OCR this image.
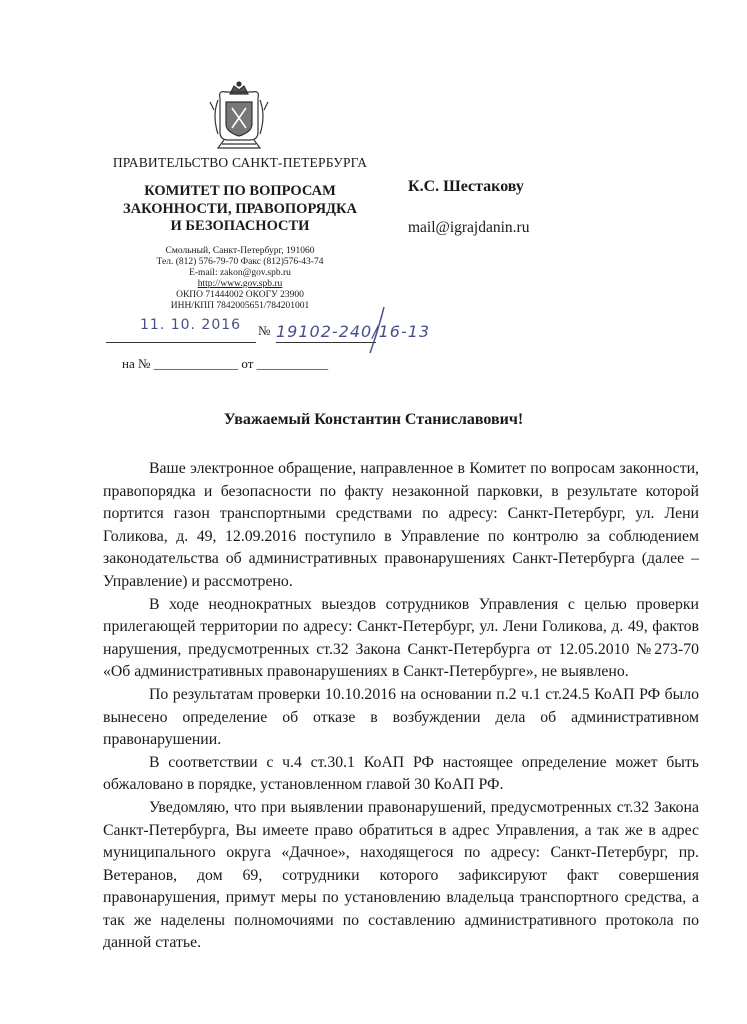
ПРАВИТЕЛЬСТВО САНКТ-ПЕТЕРБУРГА
КОМИТЕТ ПО ВОПРОСАМ
ЗАКОННОСТИ, ПРАВОПОРЯДКА
И БЕЗОПАСНОСТИ
Смольный, Санкт-Петербург, 191060
Тел. (812) 576-79-70 Факс (812)576-43-74
E-mail: zakon@gov.spb.ru
http://www.gov.spb.ru
ОКПО 71444002 ОКОГУ 23900
ИНН/КПП 7842005651/784201001
К.С. Шестакову
mail@igrajdanin.ru
11. 10. 2016 № 19102-240/16-13
на № _____________ от ___________
Уважаемый Константин Станиславович!

Ваше электронное обращение, направленное в Комитет по вопросам законности, правопорядка и безопасности по факту незаконной парковки, в результате которой портится газон транспортными средствами по адресу: Санкт-Петербург, ул. Лени Голикова, д. 49, 12.09.2016 поступило в Управление по контролю за соблюдением законодательства об административных правонарушениях Санкт-Петербурга (далее – Управление) и рассмотрено.

В ходе неоднократных выездов сотрудников Управления с целью проверки прилегающей территории по адресу: Санкт-Петербург, ул. Лени Голикова, д. 49, фактов нарушения, предусмотренных ст.32 Закона Санкт-Петербурга от 12.05.2010 №273-70 «Об административных правонарушениях в Санкт-Петербурге», не выявлено.

По результатам проверки 10.10.2016 на основании п.2 ч.1 ст.24.5 КоАП РФ было вынесено определение об отказе в возбуждении дела об административном правонарушении.

В соответствии с ч.4 ст.30.1 КоАП РФ настоящее определение может быть обжаловано в порядке, установленном главой 30 КоАП РФ.

Уведомляю, что при выявлении правонарушений, предусмотренных ст.32 Закона Санкт-Петербурга, Вы имеете право обратиться в адрес Управления, а так же в адрес муниципального округа «Дачное», находящегося по адресу: Санкт-Петербург, пр. Ветеранов, дом 69, сотрудники которого зафиксируют факт совершения правонарушения, примут меры по установлению владельца транспортного средства, а так же наделены полномочиями по составлению административного протокола по данной статье.
